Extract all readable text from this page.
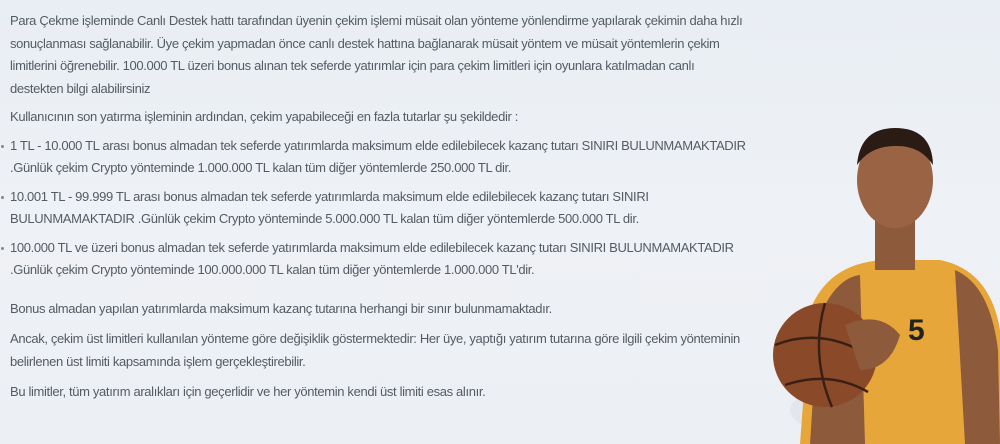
Para Çekme işleminde Canlı Destek hattı tarafından üyenin çekim işlemi müsait olan yönteme yönlendirme yapılarak çekimin daha hızlı sonuçlanması sağlanabilir. Üye çekim yapmadan önce canlı destek hattına bağlanarak müsait yöntem ve müsait yöntemlerin çekim limitlerini öğrenebilir. 100.000 TL üzeri bonus alınan tek seferde yatırımlar için para çekim limitleri için oyunlara katılmadan canlı destekten bilgi alabilirsiniz

Kullanıcının son yatırma işleminin ardından, çekim yapabileceği en fazla tutarlar şu şekildedir :

1 TL - 10.000 TL arası bonus almadan tek seferde yatırımlarda maksimum elde edilebilecek kazanç tutarı SINIRI BULUNMAMAKTADIR .Günlük çekim Crypto yönteminde 1.000.000 TL kalan tüm diğer yöntemlerde 250.000 TL dir.

10.001 TL - 99.999 TL arası bonus almadan tek seferde yatırımlarda maksimum elde edilebilecek kazanç tutarı SINIRI BULUNMAMAKTADIR .Günlük çekim Crypto yönteminde 5.000.000 TL kalan tüm diğer yöntemlerde 500.000 TL dir.

100.000 TL ve üzeri bonus almadan tek seferde yatırımlarda maksimum elde edilebilecek kazanç tutarı SINIRI BULUNMAMAKTADIR .Günlük çekim Crypto yönteminde 100.000.000 TL kalan tüm diğer yöntemlerde 1.000.000 TL'dir.

Bonus almadan yapılan yatırımlarda maksimum kazanç tutarına herhangi bir sınır bulunmamaktadır.

Ancak, çekim üst limitleri kullanılan yönteme göre değişiklik göstermektedir: Her üye, yaptığı yatırım tutarına göre ilgili çekim yönteminin belirlenen üst limiti kapsamında işlem gerçekleştirebilir.

Bu limitler, tüm yatırım aralıkları için geçerlidir ve her yöntemin kendi üst limiti esas alınır.

5
